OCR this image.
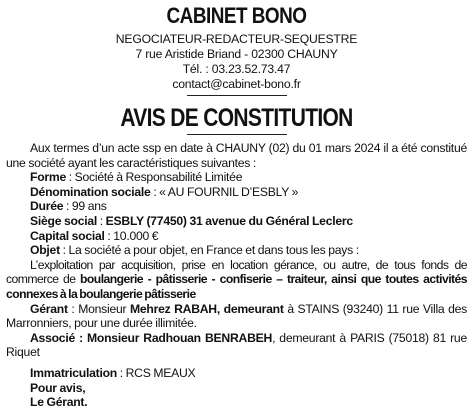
CABINET BONO
NEGOCIATEUR-REDACTEUR-SEQUESTRE
7 rue Aristide Briand - 02300 CHAUNY
Tél. : 03.23.52.73.47
contact@cabinet-bono.fr
AVIS DE CONSTITUTION

Aux termes d’un acte ssp en date à CHAUNY (02) du 01 mars 2024 il a été constitué une société ayant les caractéristiques suivantes :

Forme : Société à Responsabilité Limitée

Dénomination sociale : « AU FOURNIL D’ESBLY »

Durée : 99 ans

Siège social : ESBLY (77450) 31 avenue du Général Leclerc

Capital social : 10.000 €

Objet : La société a pour objet, en France et dans tous les pays :

L’exploitation par acquisition, prise en location gérance, ou autre, de tous fonds de commerce de boulangerie - pâtisserie - confiserie – traiteur, ainsi que toutes activités connexes à la boulangerie pâtisserie

Gérant : Monsieur Mehrez RABAH, demeurant à STAINS (93240) 11 rue Villa des Marronniers, pour une durée illimitée.

Associé : Monsieur Radhouan BENRABEH, demeurant à PARIS (75018) 81 rue Riquet

Immatriculation : RCS MEAUX

Pour avis,

Le Gérant.
